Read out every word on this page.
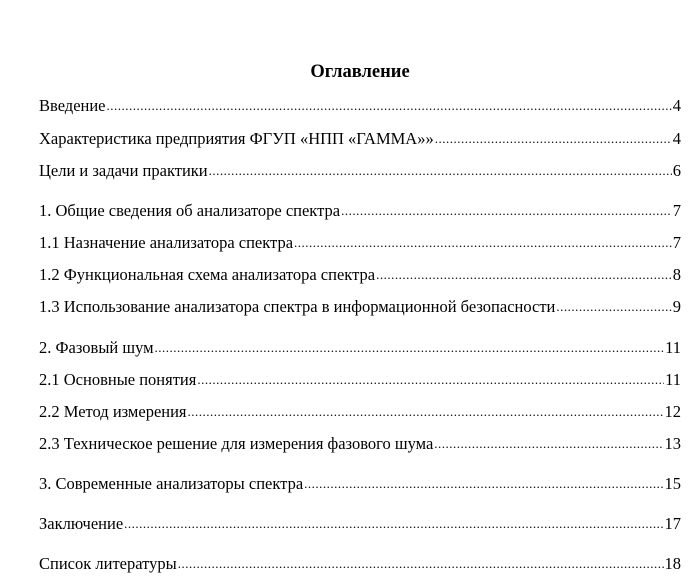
Оглавление
Введение .....	4
Характеристика предприятия ФГУП «НПП «ГАММА»» .....	4
Цели и задачи практики .....	6
1. Общие сведения об анализаторе спектра .....	7
1.1 Назначение анализатора спектра .....	7
1.2 Функциональная схема анализатора спектра .....	8
1.3 Использование анализатора спектра в информационной безопасности .....	9
2. Фазовый шум .....	11
2.1 Основные понятия .....	11
2.2 Метод измерения .....	12
2.3 Техническое решение для измерения фазового шума .....	13
3. Современные анализаторы спектра .....	15
Заключение .....	17
Список литературы .....	18
